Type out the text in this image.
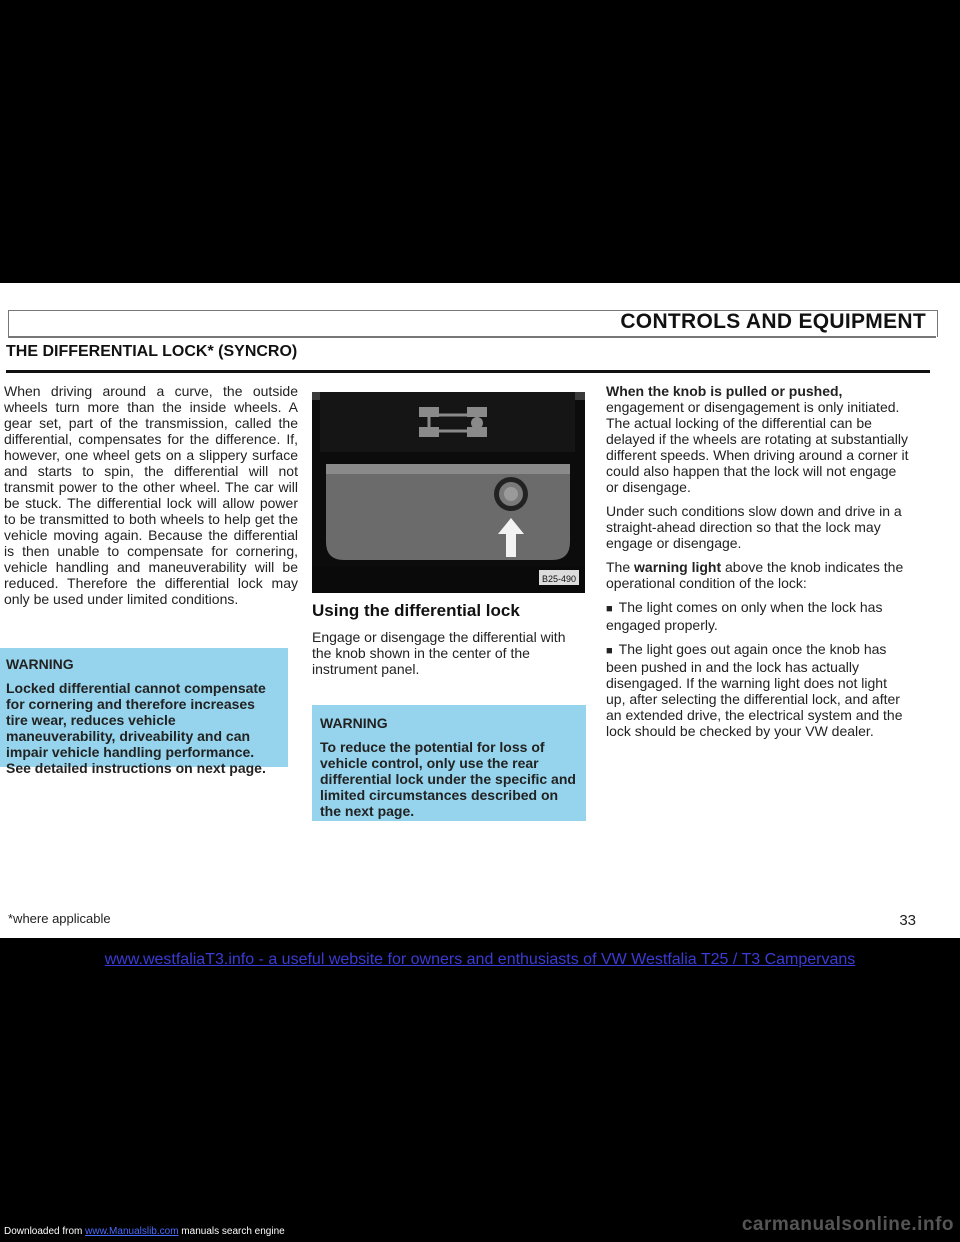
CONTROLS AND EQUIPMENT
THE DIFFERENTIAL LOCK* (SYNCRO)

When driving around a curve, the outside wheels turn more than the inside wheels. A gear set, part of the transmission, called the differential, compensates for the difference. If, however, one wheel gets on a slippery surface and starts to spin, the differential will not transmit power to the other wheel. The car will be stuck. The differential lock will allow power to be transmitted to both wheels to help get the vehicle moving again. Because the differential is then unable to compensate for cornering, vehicle handling and maneuverability will be reduced. Therefore the differential lock may only be used under limited conditions.

WARNING
Locked differential cannot compensate for cornering and therefore increases tire wear, reduces vehicle maneuverability, driveability and can impair vehicle handling performance. See detailed instructions on next page.
B25-490
Using the differential lock

Engage or disengage the differential with the knob shown in the center of the instrument panel.

WARNING
To reduce the potential for loss of vehicle control, only use the rear differential lock under the specific and limited circumstances described on the next page.

When the knob is pulled or pushed, engagement or disengagement is only initiated. The actual locking of the differential can be delayed if the wheels are rotating at substantially different speeds. When driving around a corner it could also happen that the lock will not engage or disengage.

Under such conditions slow down and drive in a straight-ahead direction so that the lock may engage or disengage.

The warning light above the knob indicates the operational condition of the lock:

■ The light comes on only when the lock has engaged properly.

■ The light goes out again once the knob has been pushed in and the lock has actually disengaged. If the warning light does not light up, after selecting the differential lock, and after an extended drive, the electrical system and the lock should be checked by your VW dealer.

*where applicable	33
www.westfaliaT3.info - a useful website for owners and enthusiasts of VW Westfalia T25 / T3 Campervans
Downloaded from www.Manualslib.com manuals search engine	carmanualsonline.info
